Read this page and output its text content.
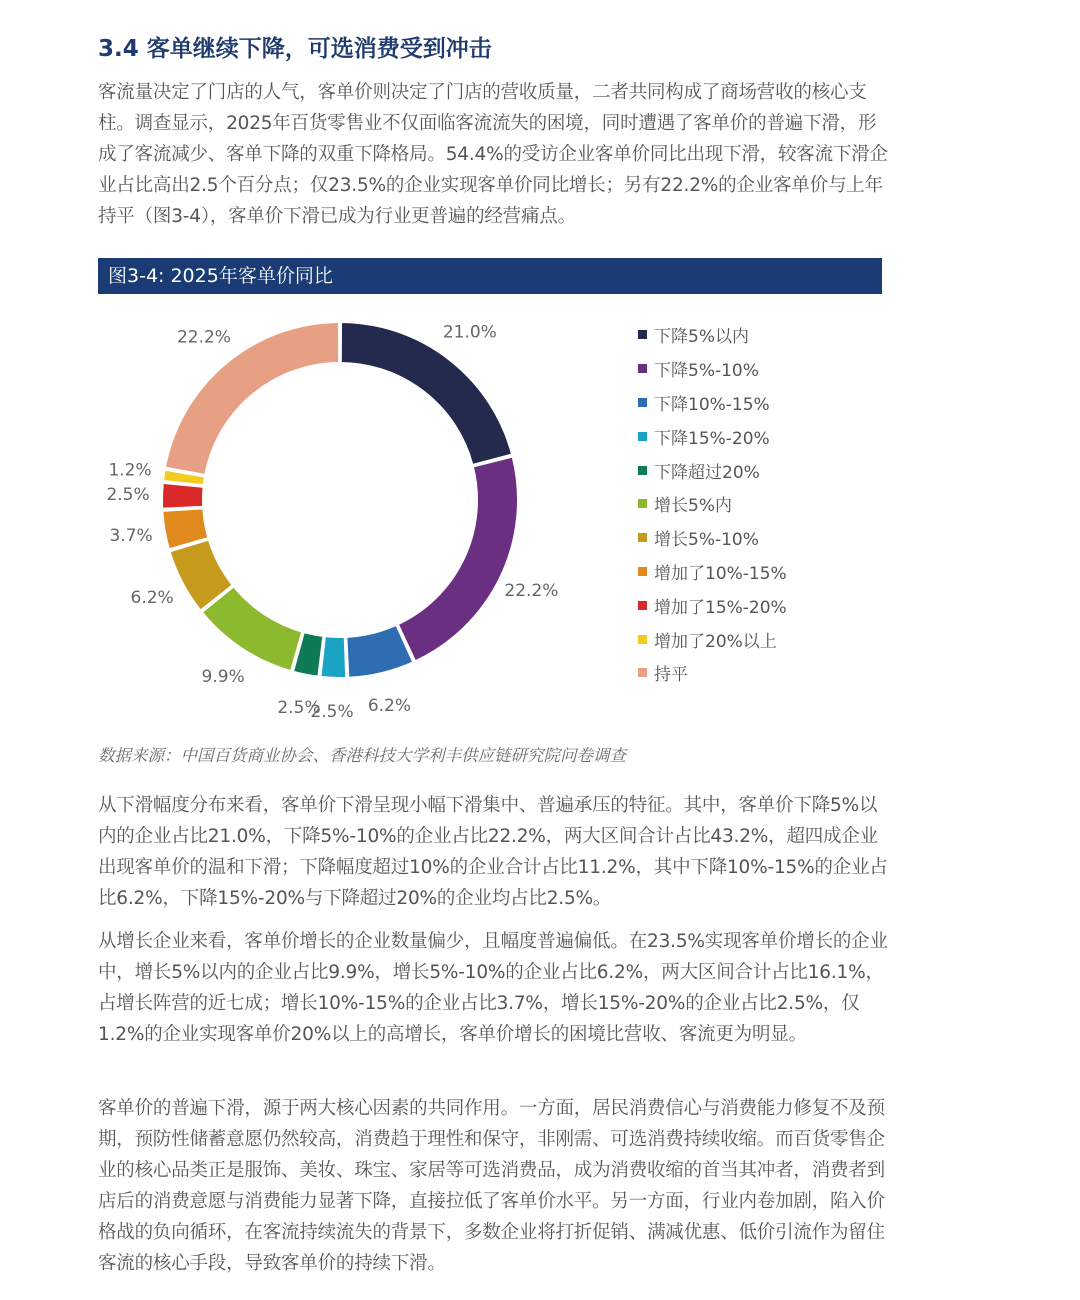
3.4 客单继续下降，可选消费受到冲击

客流量决定了门店的人气，客单价则决定了门店的营收质量，二者共同构成了商场营收的核心支柱。调查显示，2025年百货零售业不仅面临客流流失的困境，同时遭遇了客单价的普遍下滑，形成了客流减少、客单下降的双重下降格局。54.4%的受访企业客单价同比出现下滑，较客流下滑企业占比高出2.5个百分点；仅23.5%的企业实现客单价同比增长；另有22.2%的企业客单价与上年持平（图3-4），客单价下滑已成为行业更普遍的经营痛点。

图3-4: 2025年客单价同比
21.0%
22.2%
6.2%
2.5%
2.5%
9.9%
6.2%
3.7%
2.5%
1.2%
22.2%	下降5%以内
下降5%-10%
下降10%-15%
下降15%-20%
下降超过20%
增长5%内
增长5%-10%
增加了10%-15%
增加了15%-20%
增加了20%以上
持平
数据来源：中国百货商业协会、香港科技大学利丰供应链研究院问卷调查

从下滑幅度分布来看，客单价下滑呈现小幅下滑集中、普遍承压的特征。其中，客单价下降5%以内的企业占比21.0%，下降5%-10%的企业占比22.2%，两大区间合计占比43.2%，超四成企业出现客单价的温和下滑；下降幅度超过10%的企业合计占比11.2%，其中下降10%-15%的企业占比6.2%，下降15%-20%与下降超过20%的企业均占比2.5%。

从增长企业来看，客单价增长的企业数量偏少，且幅度普遍偏低。在23.5%实现客单价增长的企业中，增长5%以内的企业占比9.9%，增长5%-10%的企业占比6.2%，两大区间合计占比16.1%，占增长阵营的近七成；增长10%-15%的企业占比3.7%，增长15%-20%的企业占比2.5%，仅1.2%的企业实现客单价20%以上的高增长，客单价增长的困境比营收、客流更为明显。

客单价的普遍下滑，源于两大核心因素的共同作用。一方面，居民消费信心与消费能力修复不及预期，预防性储蓄意愿仍然较高，消费趋于理性和保守，非刚需、可选消费持续收缩。而百货零售企业的核心品类正是服饰、美妆、珠宝、家居等可选消费品，成为消费收缩的首当其冲者，消费者到店后的消费意愿与消费能力显著下降，直接拉低了客单价水平。另一方面，行业内卷加剧，陷入价格战的负向循环，在客流持续流失的背景下，多数企业将打折促销、满减优惠、低价引流作为留住客流的核心手段，导致客单价的持续下滑。
